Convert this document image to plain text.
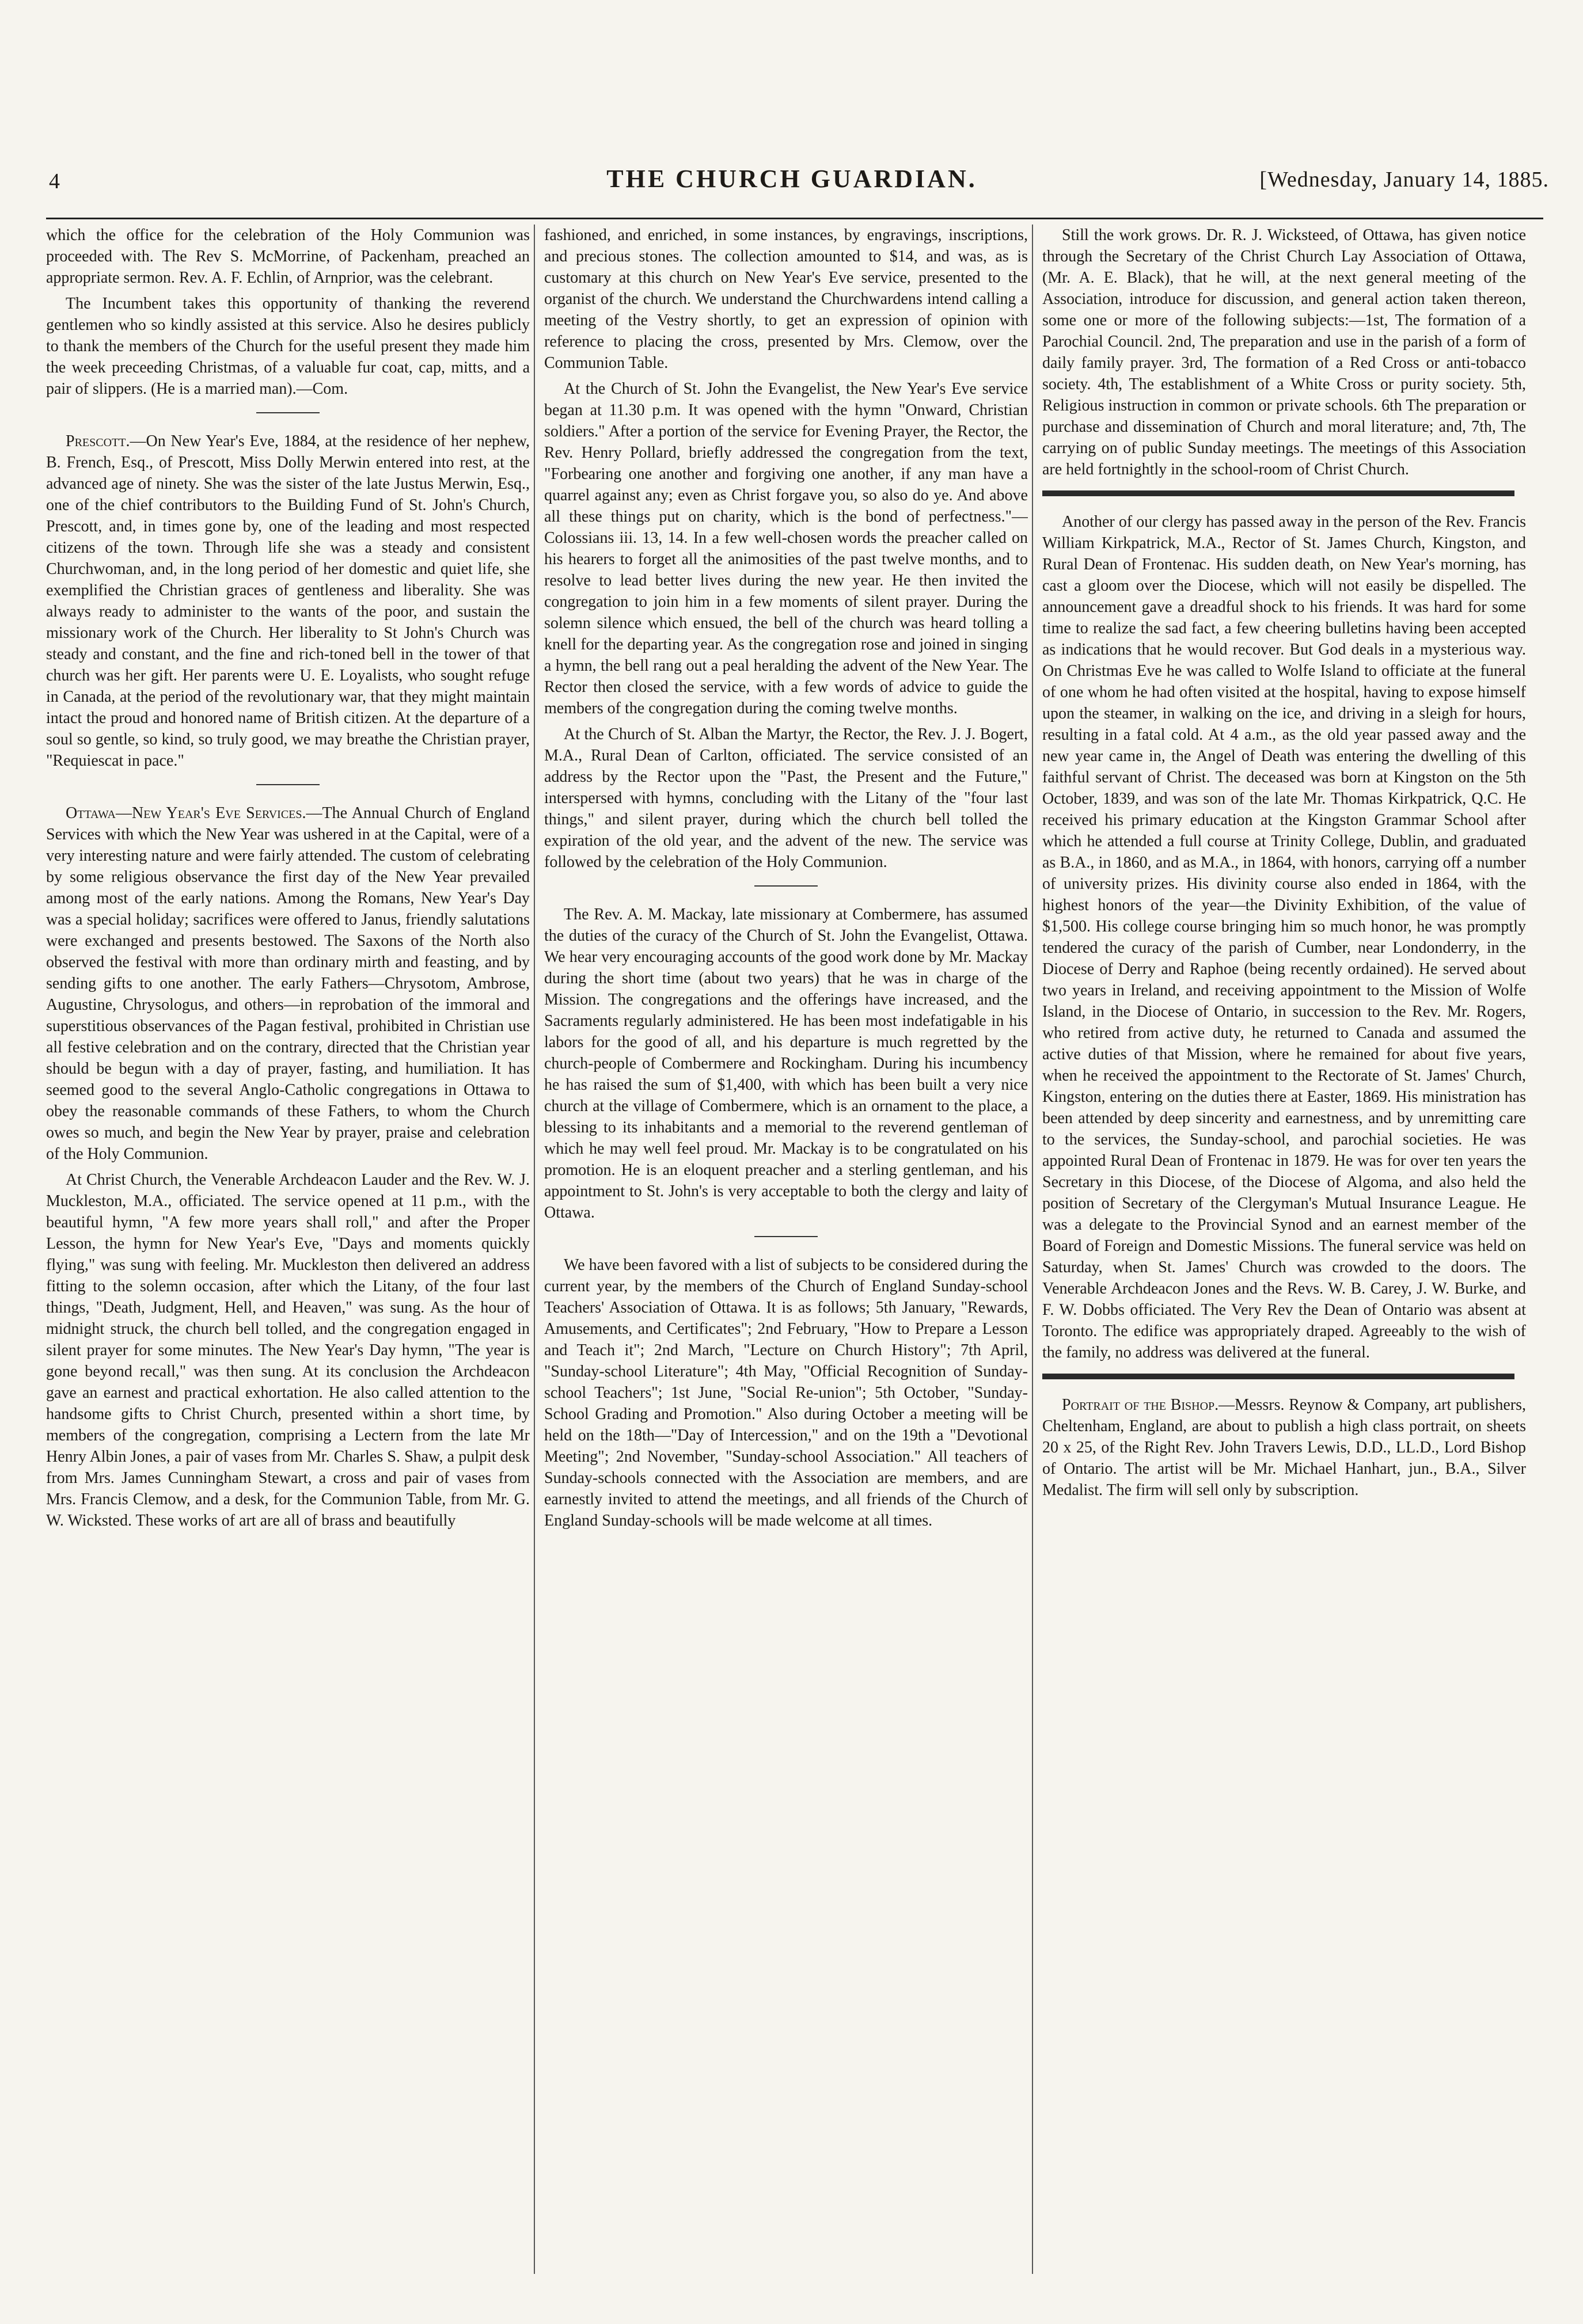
4	THE CHURCH GUARDIAN.	[Wednesday, January 14, 1885.

which the office for the celebration of the Holy Communion was proceeded with. The Rev S. McMorrine, of Packenham, preached an appropriate sermon. Rev. A. F. Echlin, of Arnprior, was the celebrant.

The Incumbent takes this opportunity of thanking the reverend gentlemen who so kindly assisted at this service. Also he desires publicly to thank the members of the Church for the useful present they made him the week preceeding Christmas, of a valuable fur coat, cap, mitts, and a pair of slippers. (He is a married man).—Com.

Prescott.—On New Year's Eve, 1884, at the residence of her nephew, B. French, Esq., of Prescott, Miss Dolly Merwin entered into rest, at the advanced age of ninety. She was the sister of the late Justus Merwin, Esq., one of the chief contributors to the Building Fund of St. John's Church, Prescott, and, in times gone by, one of the leading and most respected citizens of the town. Through life she was a steady and consistent Churchwoman, and, in the long period of her domestic and quiet life, she exemplified the Christian graces of gentleness and liberality. She was always ready to administer to the wants of the poor, and sustain the missionary work of the Church. Her liberality to St John's Church was steady and constant, and the fine and rich-toned bell in the tower of that church was her gift. Her parents were U. E. Loyalists, who sought refuge in Canada, at the period of the revolutionary war, that they might maintain intact the proud and honored name of British citizen. At the departure of a soul so gentle, so kind, so truly good, we may breathe the Christian prayer, "Requiescat in pace."

Ottawa—New Year's Eve Services.—The Annual Church of England Services with which the New Year was ushered in at the Capital, were of a very interesting nature and were fairly attended. The custom of celebrating by some religious observance the first day of the New Year prevailed among most of the early nations. Among the Romans, New Year's Day was a special holiday; sacrifices were offered to Janus, friendly salutations were exchanged and presents bestowed. The Saxons of the North also observed the festival with more than ordinary mirth and feasting, and by sending gifts to one another. The early Fathers—Chrysotom, Ambrose, Augustine, Chrysologus, and others—in reprobation of the immoral and superstitious observances of the Pagan festival, prohibited in Christian use all festive celebration and on the contrary, directed that the Christian year should be begun with a day of prayer, fasting, and humiliation. It has seemed good to the several Anglo-Catholic congregations in Ottawa to obey the reasonable commands of these Fathers, to whom the Church owes so much, and begin the New Year by prayer, praise and celebration of the Holy Communion.

At Christ Church, the Venerable Archdeacon Lauder and the Rev. W. J. Muckleston, M.A., officiated. The service opened at 11 p.m., with the beautiful hymn, "A few more years shall roll," and after the Proper Lesson, the hymn for New Year's Eve, "Days and moments quickly flying," was sung with feeling. Mr. Muckleston then delivered an address fitting to the solemn occasion, after which the Litany, of the four last things, "Death, Judgment, Hell, and Heaven," was sung. As the hour of midnight struck, the church bell tolled, and the congregation engaged in silent prayer for some minutes. The New Year's Day hymn, "The year is gone beyond recall," was then sung. At its conclusion the Archdeacon gave an earnest and practical exhortation. He also called attention to the handsome gifts to Christ Church, presented within a short time, by members of the congregation, comprising a Lectern from the late Mr Henry Albin Jones, a pair of vases from Mr. Charles S. Shaw, a pulpit desk from Mrs. James Cunningham Stewart, a cross and pair of vases from Mrs. Francis Clemow, and a desk, for the Communion Table, from Mr. G. W. Wicksted. These works of art are all of brass and beautifully

fashioned, and enriched, in some instances, by engravings, inscriptions, and precious stones. The collection amounted to $14, and was, as is customary at this church on New Year's Eve service, presented to the organist of the church. We understand the Churchwardens intend calling a meeting of the Vestry shortly, to get an expression of opinion with reference to placing the cross, presented by Mrs. Clemow, over the Communion Table.

At the Church of St. John the Evangelist, the New Year's Eve service began at 11.30 p.m. It was opened with the hymn "Onward, Christian soldiers." After a portion of the service for Evening Prayer, the Rector, the Rev. Henry Pollard, briefly addressed the congregation from the text, "Forbearing one another and forgiving one another, if any man have a quarrel against any; even as Christ forgave you, so also do ye. And above all these things put on charity, which is the bond of perfectness."—Colossians iii. 13, 14. In a few well-chosen words the preacher called on his hearers to forget all the animosities of the past twelve months, and to resolve to lead better lives during the new year. He then invited the congregation to join him in a few moments of silent prayer. During the solemn silence which ensued, the bell of the church was heard tolling a knell for the departing year. As the congregation rose and joined in singing a hymn, the bell rang out a peal heralding the advent of the New Year. The Rector then closed the service, with a few words of advice to guide the members of the congregation during the coming twelve months.

At the Church of St. Alban the Martyr, the Rector, the Rev. J. J. Bogert, M.A., Rural Dean of Carlton, officiated. The service consisted of an address by the Rector upon the "Past, the Present and the Future," interspersed with hymns, concluding with the Litany of the "four last things," and silent prayer, during which the church bell tolled the expiration of the old year, and the advent of the new. The service was followed by the celebration of the Holy Communion.

The Rev. A. M. Mackay, late missionary at Combermere, has assumed the duties of the curacy of the Church of St. John the Evangelist, Ottawa. We hear very encouraging accounts of the good work done by Mr. Mackay during the short time (about two years) that he was in charge of the Mission. The congregations and the offerings have increased, and the Sacraments regularly administered. He has been most indefatigable in his labors for the good of all, and his departure is much regretted by the church-people of Combermere and Rockingham. During his incumbency he has raised the sum of $1,400, with which has been built a very nice church at the village of Combermere, which is an ornament to the place, a blessing to its inhabitants and a memorial to the reverend gentleman of which he may well feel proud. Mr. Mackay is to be congratulated on his promotion. He is an eloquent preacher and a sterling gentleman, and his appointment to St. John's is very acceptable to both the clergy and laity of Ottawa.

We have been favored with a list of subjects to be considered during the current year, by the members of the Church of England Sunday-school Teachers' Association of Ottawa. It is as follows; 5th January, "Rewards, Amusements, and Certificates"; 2nd February, "How to Prepare a Lesson and Teach it"; 2nd March, "Lecture on Church History"; 7th April, "Sunday-school Literature"; 4th May, "Official Recognition of Sunday-school Teachers"; 1st June, "Social Re-union"; 5th October, "Sunday-School Grading and Promotion." Also during October a meeting will be held on the 18th—"Day of Intercession," and on the 19th a "Devotional Meeting"; 2nd November, "Sunday-school Association." All teachers of Sunday-schools connected with the Association are members, and are earnestly invited to attend the meetings, and all friends of the Church of England Sunday-schools will be made welcome at all times.

Still the work grows. Dr. R. J. Wicksteed, of Ottawa, has given notice through the Secretary of the Christ Church Lay Association of Ottawa, (Mr. A. E. Black), that he will, at the next general meeting of the Association, introduce for discussion, and general action taken thereon, some one or more of the following subjects:—1st, The formation of a Parochial Council. 2nd, The preparation and use in the parish of a form of daily family prayer. 3rd, The formation of a Red Cross or anti-tobacco society. 4th, The establishment of a White Cross or purity society. 5th, Religious instruction in common or private schools. 6th The preparation or purchase and dissemination of Church and moral literature; and, 7th, The carrying on of public Sunday meetings. The meetings of this Association are held fortnightly in the school-room of Christ Church.

Another of our clergy has passed away in the person of the Rev. Francis William Kirkpatrick, M.A., Rector of St. James Church, Kingston, and Rural Dean of Frontenac. His sudden death, on New Year's morning, has cast a gloom over the Diocese, which will not easily be dispelled. The announcement gave a dreadful shock to his friends. It was hard for some time to realize the sad fact, a few cheering bulletins having been accepted as indications that he would recover. But God deals in a mysterious way. On Christmas Eve he was called to Wolfe Island to officiate at the funeral of one whom he had often visited at the hospital, having to expose himself upon the steamer, in walking on the ice, and driving in a sleigh for hours, resulting in a fatal cold. At 4 a.m., as the old year passed away and the new year came in, the Angel of Death was entering the dwelling of this faithful servant of Christ. The deceased was born at Kingston on the 5th October, 1839, and was son of the late Mr. Thomas Kirkpatrick, Q.C. He received his primary education at the Kingston Grammar School after which he attended a full course at Trinity College, Dublin, and graduated as B.A., in 1860, and as M.A., in 1864, with honors, carrying off a number of university prizes. His divinity course also ended in 1864, with the highest honors of the year—the Divinity Exhibition, of the value of $1,500. His college course bringing him so much honor, he was promptly tendered the curacy of the parish of Cumber, near Londonderry, in the Diocese of Derry and Raphoe (being recently ordained). He served about two years in Ireland, and receiving appointment to the Mission of Wolfe Island, in the Diocese of Ontario, in succession to the Rev. Mr. Rogers, who retired from active duty, he returned to Canada and assumed the active duties of that Mission, where he remained for about five years, when he received the appointment to the Rectorate of St. James' Church, Kingston, entering on the duties there at Easter, 1869. His ministration has been attended by deep sincerity and earnestness, and by unremitting care to the services, the Sunday-school, and parochial societies. He was appointed Rural Dean of Frontenac in 1879. He was for over ten years the Secretary in this Diocese, of the Diocese of Algoma, and also held the position of Secretary of the Clergyman's Mutual Insurance League. He was a delegate to the Provincial Synod and an earnest member of the Board of Foreign and Domestic Missions. The funeral service was held on Saturday, when St. James' Church was crowded to the doors. The Venerable Archdeacon Jones and the Revs. W. B. Carey, J. W. Burke, and F. W. Dobbs officiated. The Very Rev the Dean of Ontario was absent at Toronto. The edifice was appropriately draped. Agreeably to the wish of the family, no address was delivered at the funeral.

Portrait of the Bishop.—Messrs. Reynow & Company, art publishers, Cheltenham, England, are about to publish a high class portrait, on sheets 20 x 25, of the Right Rev. John Travers Lewis, D.D., LL.D., Lord Bishop of Ontario. The artist will be Mr. Michael Hanhart, jun., B.A., Silver Medalist. The firm will sell only by subscription.
